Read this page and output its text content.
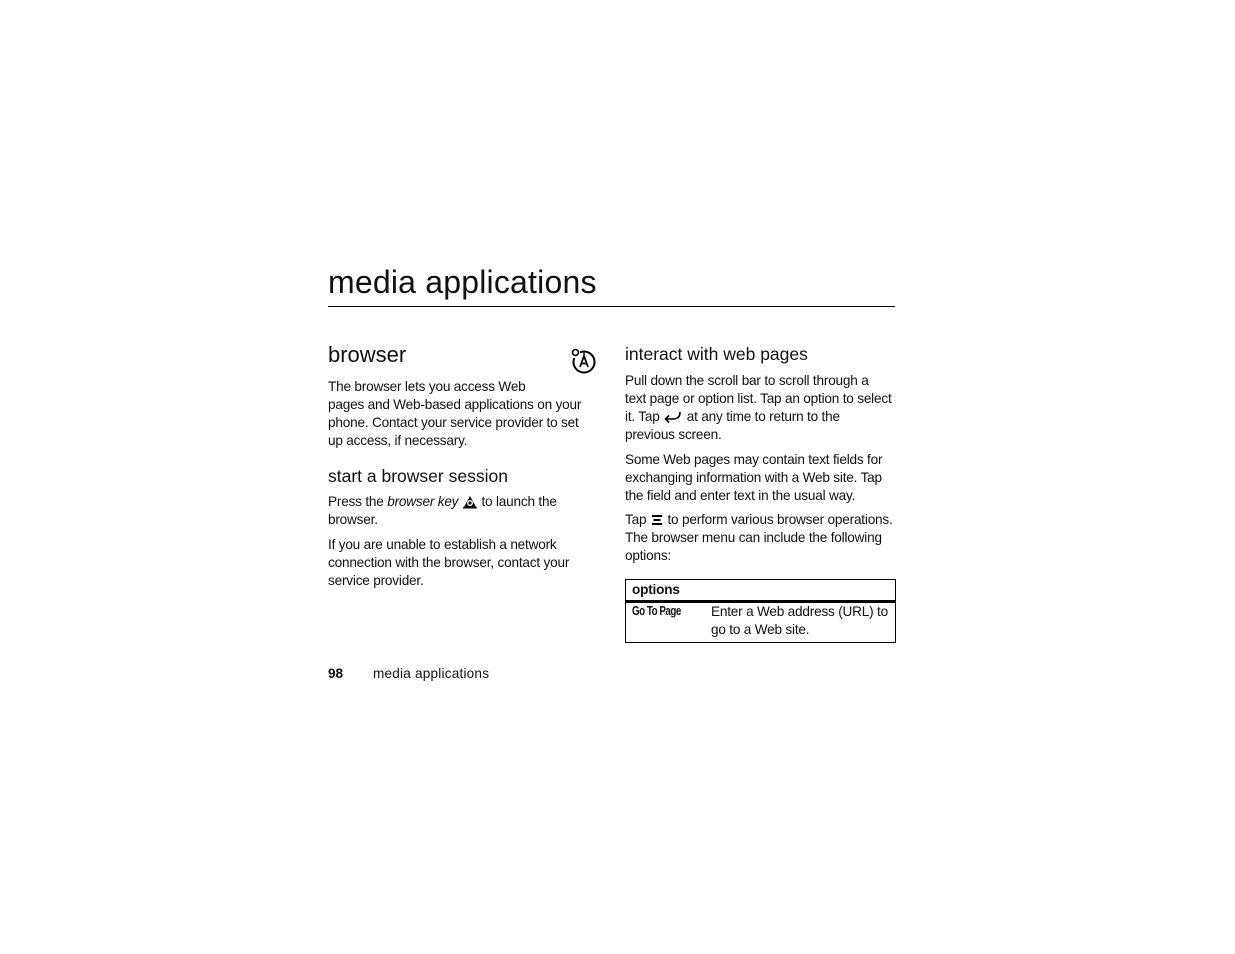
media applications
browser
The browser lets you access Web
pages and Web-based applications on your
phone. Contact your service provider to set
up access, if necessary.
start a browser session
Press the browser key to launch the
browser.
If you are unable to establish a network
connection with the browser, contact your
service provider.
interact with web pages
Pull down the scroll bar to scroll through a
text page or option list. Tap an option to select
it. Tap at any time to return to the
previous screen.
Some Web pages may contain text fields for
exchanging information with a Web site. Tap
the field and enter text in the usual way.
Tap to perform various browser operations.
The browser menu can include the following
options:
options
Go To Page Enter a Web address (URL) to
go to a Web site.
98 media applications
